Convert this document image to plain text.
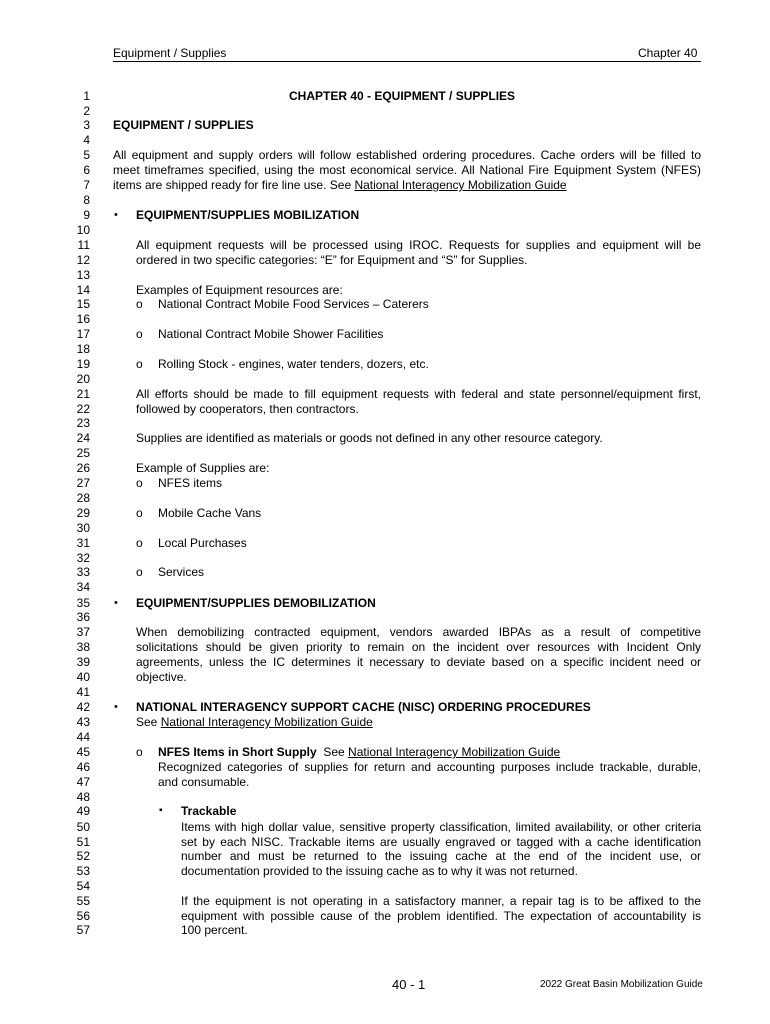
Equipment / Supplies	Chapter 40
1
2
3
4
5
6
7
8
9
10
11
12
13
14
15
16
17
18
19
20
21
22
23
24
25
26
27
28
29
30
31
32
33
34
35
36
37
38
39
40
41
42
43
44
45
46
47
48
49
50
51
52
53
54
55
56
57
CHAPTER 40 - EQUIPMENT / SUPPLIES
EQUIPMENT / SUPPLIES
All equipment and supply orders will follow established ordering procedures. Cache orders will be filled to
meet timeframes specified, using the most economical service. All National Fire Equipment System (NFES)
items are shipped ready for fire line use. See National Interagency Mobilization Guide
• EQUIPMENT/SUPPLIES MOBILIZATION
All equipment requests will be processed using IROC. Requests for supplies and equipment will be
ordered in two specific categories: “E” for Equipment and “S” for Supplies.
Examples of Equipment resources are:
o National Contract Mobile Food Services – Caterers
o National Contract Mobile Shower Facilities
o Rolling Stock - engines, water tenders, dozers, etc.
All efforts should be made to fill equipment requests with federal and state personnel/equipment first,
followed by cooperators, then contractors.
Supplies are identified as materials or goods not defined in any other resource category.
Example of Supplies are:
o NFES items
o Mobile Cache Vans
o Local Purchases
o Services
• EQUIPMENT/SUPPLIES DEMOBILIZATION
When demobilizing contracted equipment, vendors awarded IBPAs as a result of competitive
solicitations should be given priority to remain on the incident over resources with Incident Only
agreements, unless the IC determines it necessary to deviate based on a specific incident need or
objective.
• NATIONAL INTERAGENCY SUPPORT CACHE (NISC) ORDERING PROCEDURES
See National Interagency Mobilization Guide
o NFES Items in Short Supply See National Interagency Mobilization Guide
Recognized categories of supplies for return and accounting purposes include trackable, durable,
and consumable.
▪ Trackable
Items with high dollar value, sensitive property classification, limited availability, or other criteria
set by each NISC. Trackable items are usually engraved or tagged with a cache identification
number and must be returned to the issuing cache at the end of the incident use, or
documentation provided to the issuing cache as to why it was not returned.
If the equipment is not operating in a satisfactory manner, a repair tag is to be affixed to the
equipment with possible cause of the problem identified. The expectation of accountability is
100 percent.
40 - 1	2022 Great Basin Mobilization Guide
